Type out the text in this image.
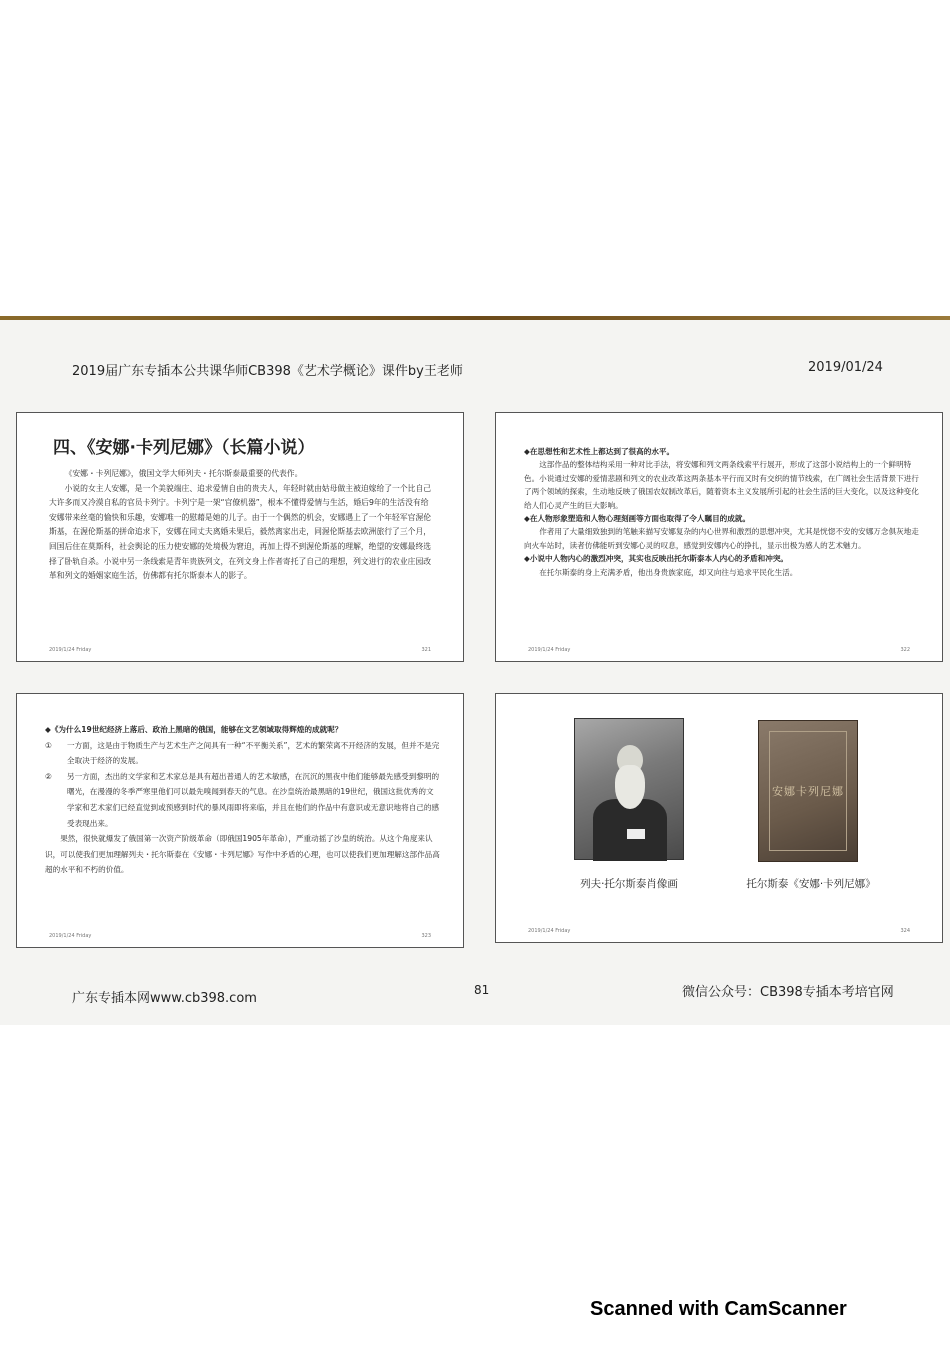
2019届广东专插本公共课华师CB398《艺术学概论》课件by王老师	2019/01/24
四、《安娜·卡列尼娜》（长篇小说）

《安娜・卡列尼娜》，俄国文学大师列夫・托尔斯泰最重要的代表作。

小说的女主人安娜，是一个美貌端庄、追求爱情自由的贵夫人，年轻时就由姑母做主被迫嫁给了一个比自己大许多而又冷漠自私的官员卡列宁。卡列宁是一架“官僚机器”，根本不懂得爱情与生活，婚后9年的生活没有给安娜带来丝毫的愉快和乐趣，安娜唯一的慰藉是她的儿子。由于一个偶然的机会，安娜遇上了一个年轻军官渥伦斯基，在渥伦斯基的拼命追求下，安娜在同丈夫离婚未果后，毅然离家出走，同渥伦斯基去欧洲旅行了三个月，回国后住在莫斯科，社会舆论的压力使安娜的处境极为窘迫，再加上得不到渥伦斯基的理解，绝望的安娜最终选择了卧轨自杀。小说中另一条线索是青年贵族列文，在列文身上作者寄托了自己的理想，列文进行的农业庄园改革和列文的婚姻家庭生活，仿佛都有托尔斯泰本人的影子。

2019/1/24 Friday	321

◆在思想性和艺术性上都达到了很高的水平。

这部作品的整体结构采用一种对比手法，将安娜和列文两条线索平行展开，形成了这部小说结构上的一个鲜明特色。小说通过安娜的爱情悲剧和列文的农业改革这两条基本平行而又时有交织的情节线索，在广阔社会生活背景下进行了两个领域的探索，生动地反映了俄国农奴制改革后，随着资本主义发展所引起的社会生活的巨大变化，以及这种变化给人们心灵产生的巨大影响。

◆在人物形象塑造和人物心理刻画等方面也取得了令人瞩目的成就。

作者用了大量细致独到的笔触来描写安娜复杂的内心世界和激烈的思想冲突，尤其是恍惚不安的安娜万念俱灰地走向火车站时，读者仿佛能听到安娜心灵的叹息，感觉到安娜内心的挣扎，显示出极为感人的艺术魅力。

◆小说中人物内心的激烈冲突，其实也反映出托尔斯泰本人内心的矛盾和冲突。

在托尔斯泰的身上充满矛盾，他出身贵族家庭，却又向往与追求平民化生活。

2019/1/24 Friday	322

◆《为什么19世纪经济上落后、政治上黑暗的俄国，能够在文艺领域取得辉煌的成就呢？

① 一方面，这是由于物质生产与艺术生产之间具有一种“不平衡关系”，艺术的繁荣离不开经济的发展，但并不是完全取决于经济的发展。

② 另一方面，杰出的文学家和艺术家总是具有超出普通人的艺术敏感，在沉沉的黑夜中他们能够最先感受到黎明的曙光，在漫漫的冬季严寒里他们可以最先嗅闻到春天的气息。在沙皇统治最黑暗的19世纪，俄国这批优秀的文学家和艺术家们已经直觉到或预感到时代的暴风雨即将来临，并且在他们的作品中有意识或无意识地将自己的感受表现出来。

果然，很快就爆发了俄国第一次资产阶级革命（即俄国1905年革命），严重动摇了沙皇的统治。从这个角度来认识，可以使我们更加理解列夫・托尔斯泰在《安娜・卡列尼娜》写作中矛盾的心理，也可以使我们更加理解这部作品高超的水平和不朽的价值。

2019/1/24 Friday	323
安娜卡列尼娜
列夫·托尔斯泰肖像画	托尔斯泰《安娜·卡列尼娜》
2019/1/24 Friday	324
广东专插本网www.cb398.com
81	微信公众号：CB398专插本考培官网
Scanned with CamScanner
